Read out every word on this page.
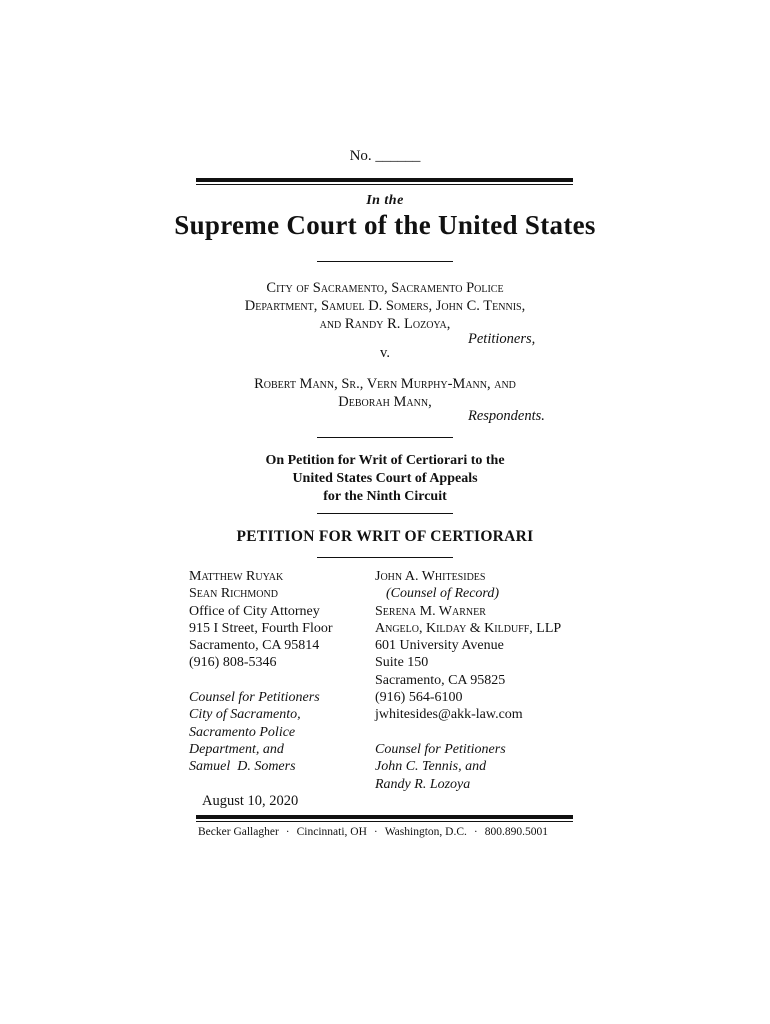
No. ______
In the
Supreme Court of the United States
City of Sacramento, Sacramento Police
Department, Samuel D. Somers, John C. Tennis,
and Randy R. Lozoya,
Petitioners,
v.
Robert Mann, Sr., Vern Murphy-Mann, and
Deborah Mann,
Respondents.
On Petition for Writ of Certiorari to the
United States Court of Appeals
for the Ninth Circuit
PETITION FOR WRIT OF CERTIORARI
Matthew Ruyak
Sean Richmond
Office of City Attorney
915 I Street, Fourth Floor
Sacramento, CA 95814
(916) 808-5346

Counsel for Petitioners
City of Sacramento,
Sacramento Police
Department, and
Samuel  D. Somers
John A. Whitesides
(Counsel of Record)
Serena M. Warner
Angelo, Kilday & Kilduff, LLP
601 University Avenue
Suite 150
Sacramento, CA 95825
(916) 564-6100
jwhitesides@akk-law.com

Counsel for Petitioners
John C. Tennis, and
Randy R. Lozoya
August 10, 2020
Becker Gallagher · Cincinnati, OH · Washington, D.C. · 800.890.5001
